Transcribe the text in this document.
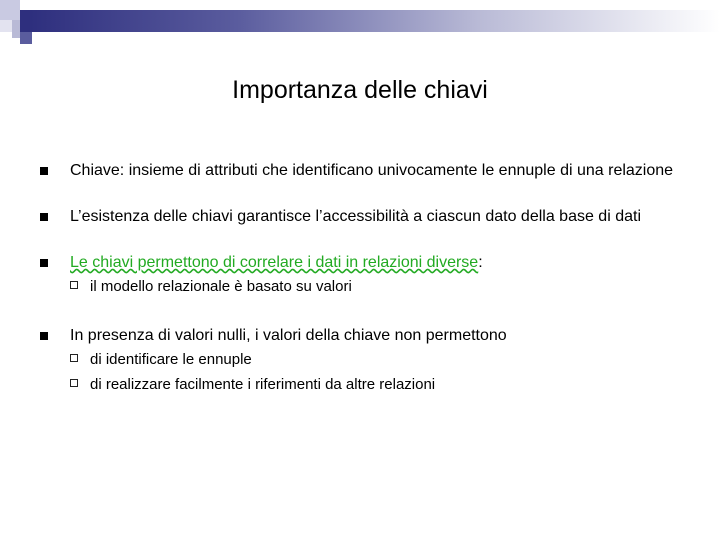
Importanza delle chiavi
Chiave: insieme di attributi che identificano univocamente le ennuple di una relazione
L’esistenza delle chiavi garantisce l’accessibilità a ciascun dato della base di dati
Le chiavi permettono di correlare i dati in relazioni diverse:
il modello relazionale è basato su valori
In presenza di valori nulli, i valori della chiave non permettono
di identificare le ennuple
di realizzare facilmente i riferimenti da altre relazioni
